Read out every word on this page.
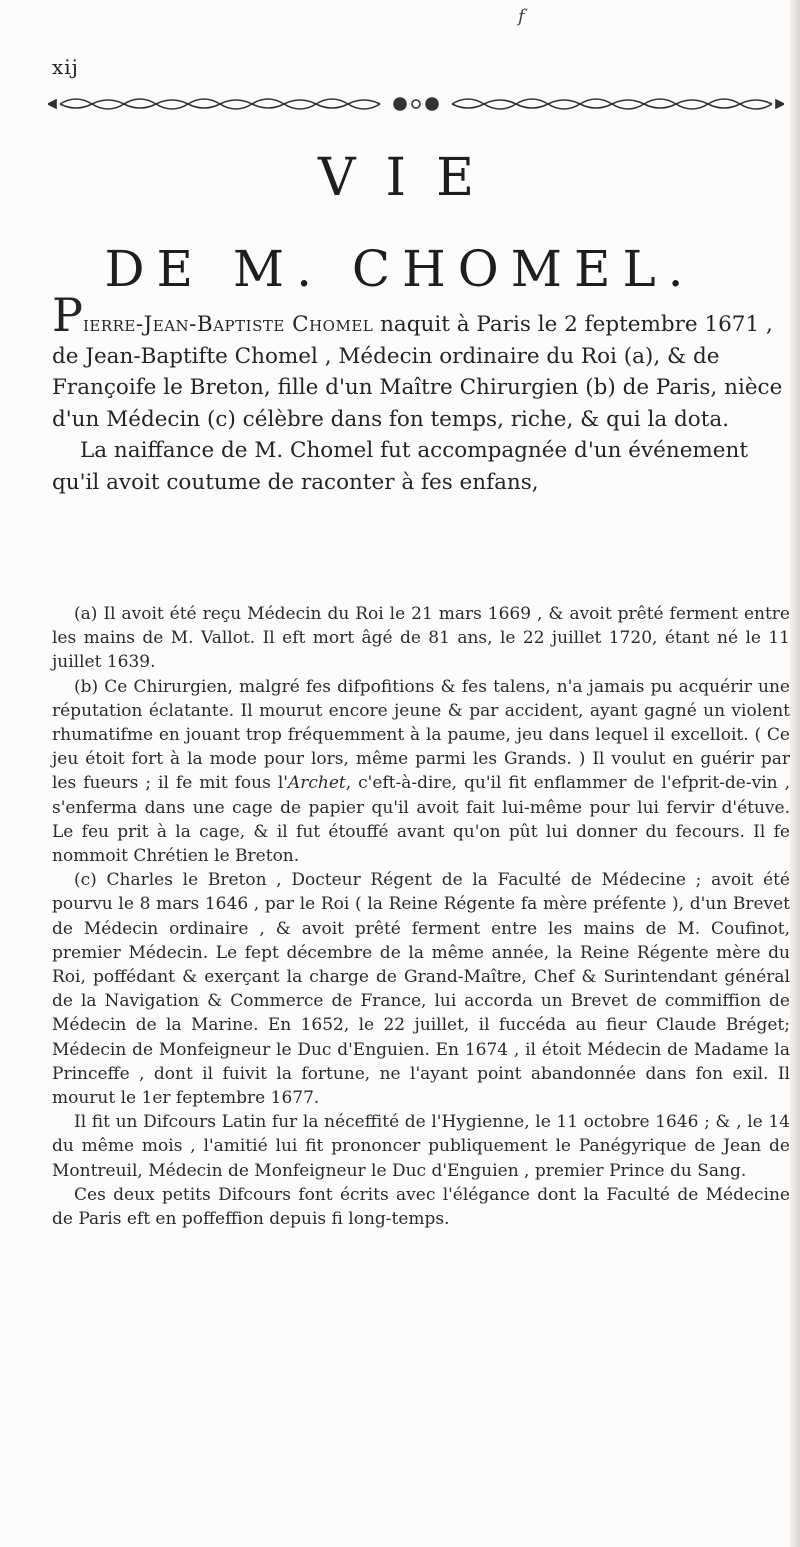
f
xij
VIE
DE M. CHOMEL.

Pierre-Jean-Baptiste Chomel naquit à Paris le 2 feptembre 1671 , de Jean-Baptifte Chomel , Médecin ordinaire du Roi (a), & de Françoife le Breton, fille d'un Maître Chirurgien (b) de Paris, nièce d'un Médecin (c) célèbre dans fon temps, riche, & qui la dota.

La naiffance de M. Chomel fut accompagnée d'un événement qu'il avoit coutume de raconter à fes enfans,

(a) Il avoit été reçu Médecin du Roi le 21 mars 1669 , & avoit prêté ferment entre les mains de M. Vallot. Il eft mort âgé de 81 ans, le 22 juillet 1720, étant né le 11 juillet 1639.

(b) Ce Chirurgien, malgré fes difpofitions & fes talens, n'a jamais pu acquérir une réputation éclatante. Il mourut encore jeune & par accident, ayant gagné un violent rhumatifme en jouant trop fréquemment à la paume, jeu dans lequel il excelloit. ( Ce jeu étoit fort à la mode pour lors, même parmi les Grands. ) Il voulut en guérir par les fueurs ; il fe mit fous l'Archet, c'eft-à-dire, qu'il fit enflammer de l'efprit-de-vin , s'enferma dans une cage de papier qu'il avoit fait lui-même pour lui fervir d'étuve. Le feu prit à la cage, & il fut étouffé avant qu'on pût lui donner du fecours. Il fe nommoit Chrétien le Breton.

(c) Charles le Breton , Docteur Régent de la Faculté de Médecine ; avoit été pourvu le 8 mars 1646 , par le Roi ( la Reine Régente fa mère préfente ), d'un Brevet de Médecin ordinaire , & avoit prêté ferment entre les mains de M. Coufinot, premier Médecin. Le fept décembre de la même année, la Reine Régente mère du Roi, poffédant & exerçant la charge de Grand-Maître, Chef & Surintendant général de la Navigation & Commerce de France, lui accorda un Brevet de commiffion de Médecin de la Marine. En 1652, le 22 juillet, il fuccéda au fieur Claude Bréget; Médecin de Monfeigneur le Duc d'Enguien. En 1674 , il étoit Médecin de Madame la Princeffe , dont il fuivit la fortune, ne l'ayant point abandonnée dans fon exil. Il mourut le 1er feptembre 1677.

Il fit un Difcours Latin fur la néceffité de l'Hygienne, le 11 octobre 1646 ; & , le 14 du même mois , l'amitié lui fit prononcer publiquement le Panégyrique de Jean de Montreuil, Médecin de Monfeigneur le Duc d'Enguien , premier Prince du Sang.

Ces deux petits Difcours font écrits avec l'élégance dont la Faculté de Médecine de Paris eft en poffeffion depuis fi long-temps.
